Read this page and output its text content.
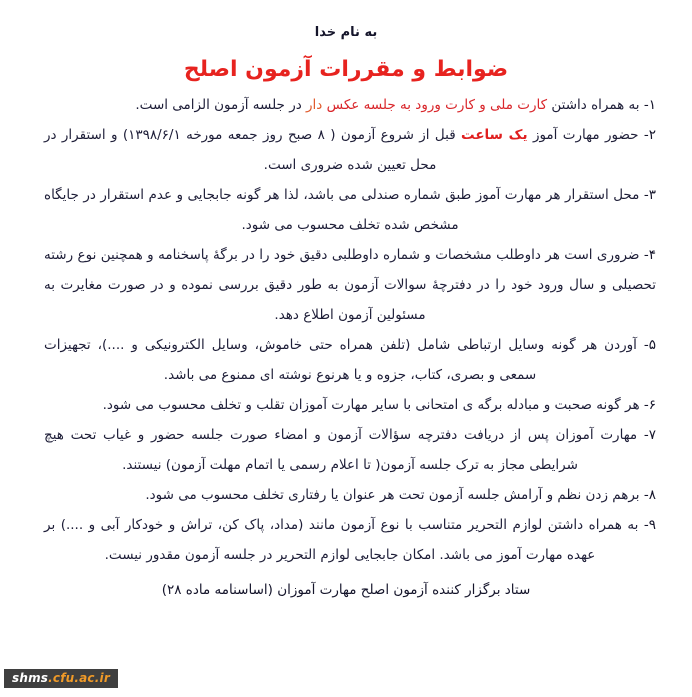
به نام خدا
ضوابط و مقررات آزمون اصلح
۱- به همراه داشتن کارت ملی و کارت ورود به جلسه عکس دار در جلسه آزمون الزامی است.
۲- حضور مهارت آموز یک ساعت قبل از شروع آزمون ( ۸ صبح روز جمعه مورخه ۱۳۹۸/۶/۱) و استقرار در محل تعیین شده ضروری است.
۳- محل استقرار هر مهارت آموز طبق شماره صندلی می باشد، لذا هر گونه جابجایی و عدم استقرار در جایگاه مشخص شده تخلف محسوب می شود.
۴- ضروری است هر داوطلب مشخصات و شماره داوطلبی دقیق خود را در برگهٔ پاسخنامه و همچنین نوع رشته تحصیلی و سال ورود خود را در دفترچهٔ سوالات آزمون به طور دقیق بررسی نموده و در صورت مغایرت به مسئولین آزمون اطلاع دهد.
۵- آوردن هر گونه وسایل ارتباطی شامل (تلفن همراه حتی خاموش، وسایل الکترونیکی و ....)، تجهیزات سمعی و بصری، کتاب، جزوه و یا هرنوع نوشته ای ممنوع می باشد.
۶- هر گونه صحبت و مبادله برگه ی امتحانی با سایر مهارت آموزان تقلب و تخلف محسوب می شود.
۷- مهارت آموزان پس از دریافت دفترچه سؤالات آزمون و امضاء صورت جلسه حضور و غیاب تحت هیچ شرایطی مجاز به ترک جلسه آزمون( تا اعلام رسمی یا اتمام مهلت آزمون) نیستند.
۸- برهم زدن نظم و آرامش جلسه آزمون تحت هر عنوان یا رفتاری تخلف محسوب می شود.
۹- به همراه داشتن لوازم التحریر متناسب با نوع آزمون مانند (مداد، پاک کن، تراش و خودکار آبی و ....) بر عهده مهارت آموز می باشد. امکان جابجایی لوازم التحریر در جلسه آزمون مقدور نیست.
ستاد برگزار کننده آزمون اصلح مهارت آموزان (اساسنامه ماده ۲۸)
shms.cfu.ac.ir
